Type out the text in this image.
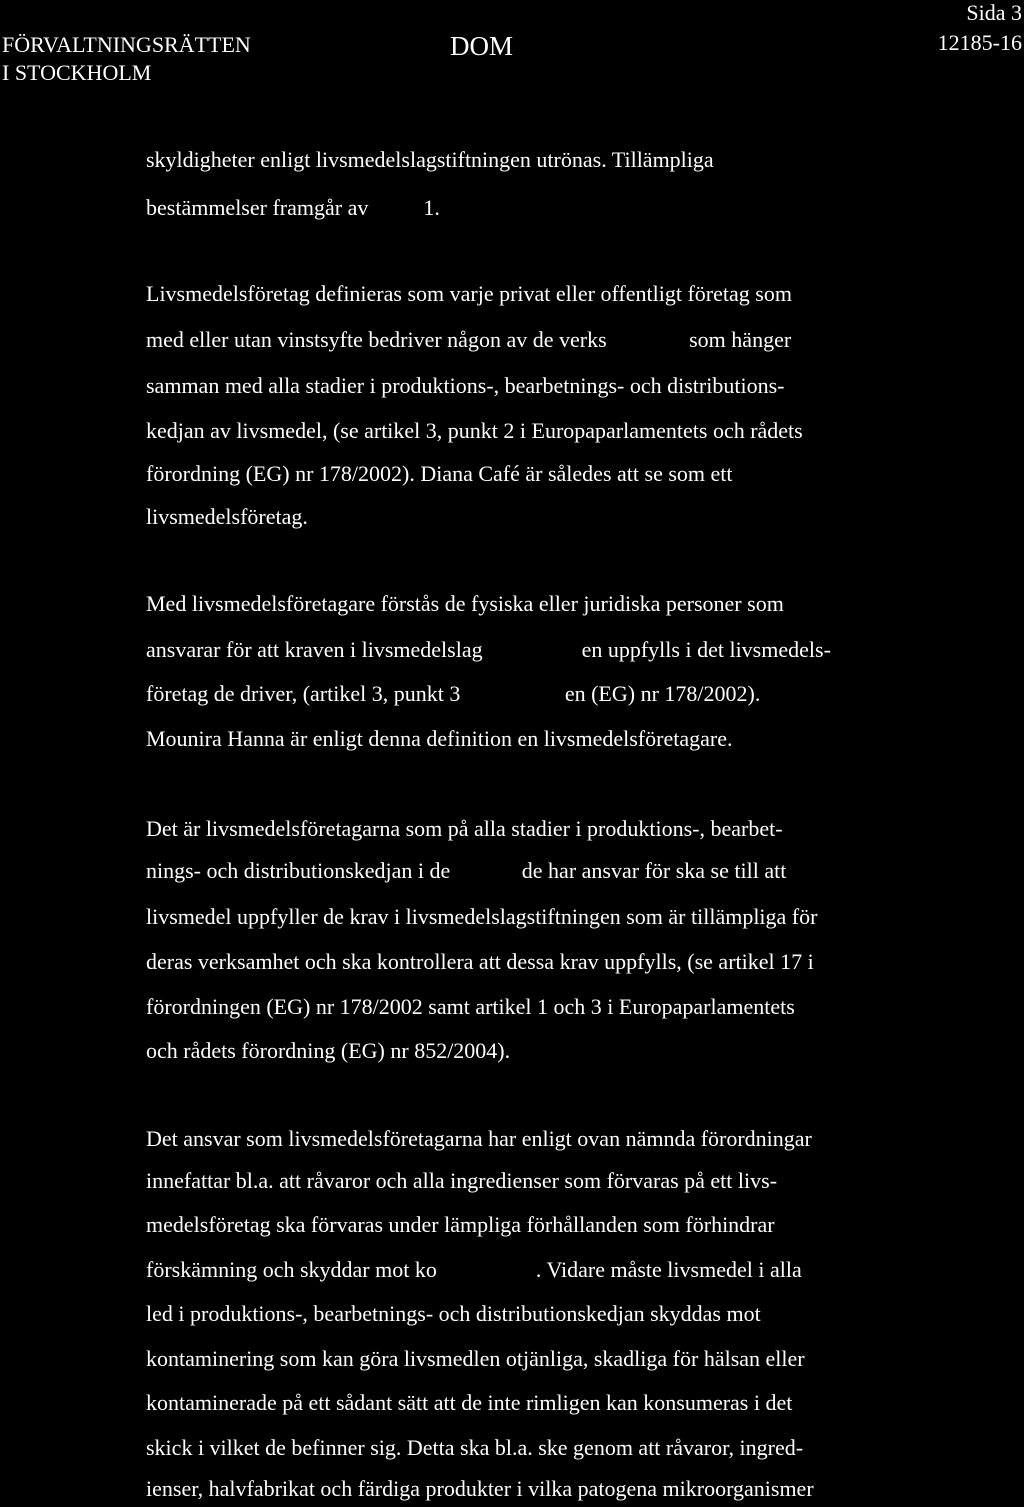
FÖRVALTNINGSRÄTTEN
I STOCKHOLM
DOM
Sida 3
12185-16
skyldigheter enligt livsmedelslagstiftningen utrönas. Tillämpliga
bestämmelser framgår av          1.
Livsmedelsföretag definieras som varje privat eller offentligt företag som
med eller utan vinstsyfte bedriver någon av de verks               som hänger
samman med alla stadier i produktions-, bearbetnings- och distributions-
kedjan av livsmedel, (se artikel 3, punkt 2 i Europaparlamentets och rådets
förordning (EG) nr 178/2002). Diana Café är således att se som ett
livsmedelsföretag.
Med livsmedelsföretagare förstås de fysiska eller juridiska personer som
ansvarar för att kraven i livsmedelslag                  en uppfylls i det livsmedels-
företag de driver, (artikel 3, punkt 3                   en (EG) nr 178/2002).
Mounira Hanna är enligt denna definition en livsmedelsföretagare.
Det är livsmedelsföretagarna som på alla stadier i produktions-, bearbet-
nings- och distributionskedjan i de             de har ansvar för ska se till att
livsmedel uppfyller de krav i livsmedelslagstiftningen som är tillämpliga för
deras verksamhet och ska kontrollera att dessa krav uppfylls, (se artikel 17 i
förordningen (EG) nr 178/2002 samt artikel 1 och 3 i Europaparlamentets
och rådets förordning (EG) nr 852/2004).
Det ansvar som livsmedelsföretagarna har enligt ovan nämnda förordningar
innefattar bl.a. att råvaror och alla ingredienser som förvaras på ett livs-
medelsföretag ska förvaras under lämpliga förhållanden som förhindrar
förskämning och skyddar mot ko                  . Vidare måste livsmedel i alla
led i produktions-, bearbetnings- och distributionskedjan skyddas mot
kontaminering som kan göra livsmedlen otjänliga, skadliga för hälsan eller
kontaminerade på ett sådant sätt att de inte rimligen kan konsumeras i det
skick i vilket de befinner sig. Detta ska bl.a. ske genom att råvaror, ingred-
ienser, halvfabrikat och färdiga produkter i vilka patogena mikroorganismer
